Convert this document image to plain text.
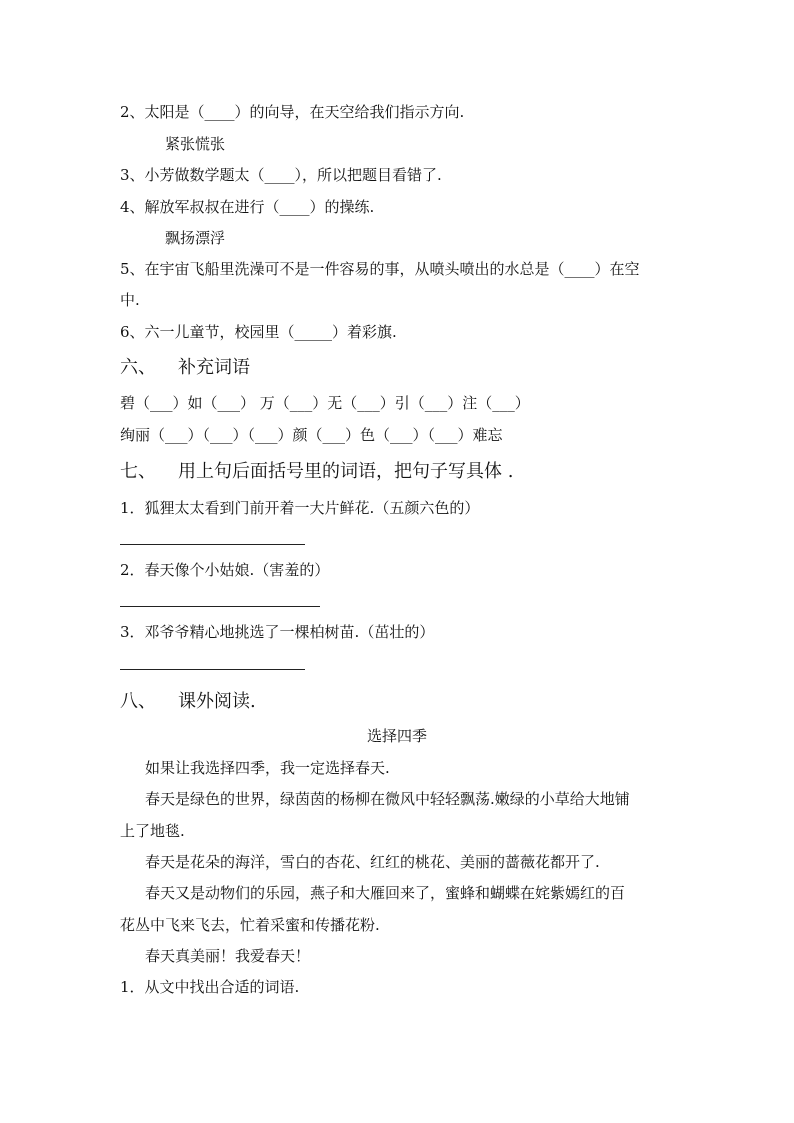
2、太阳是（____）的向导，在天空给我们指示方向.
紧张慌张
3、小芳做数学题太（____），所以把题目看错了.
4、解放军叔叔在进行（____）的操练.
飘扬漂浮
5、在宇宙飞船里洗澡可不是一件容易的事，从喷头喷出的水总是（____）在空
中.
6、六一儿童节，校园里（_____）着彩旗.
六、 补充词语
碧（___）如（___） 万（___）无（___）引（___）注（___）
绚丽（___）（___）（___）颜（___）色（___）（___）难忘
七、 用上句后面括号里的词语，把句子写具体 .
1．狐狸太太看到门前开着一大片鲜花.（五颜六色的）
2．春天像个小姑娘.（害羞的）
3．邓爷爷精心地挑选了一棵柏树苗.（茁壮的）
八、 课外阅读.
选择四季
如果让我选择四季，我一定选择春天.
春天是绿色的世界，绿茵茵的杨柳在微风中轻轻飘荡.嫩绿的小草给大地铺
上了地毯.
春天是花朵的海洋，雪白的杏花、红红的桃花、美丽的蔷薇花都开了.
春天又是动物们的乐园，燕子和大雁回来了，蜜蜂和蝴蝶在姹紫嫣红的百
花丛中飞来飞去，忙着采蜜和传播花粉.
春天真美丽！我爱春天！
1．从文中找出合适的词语.
